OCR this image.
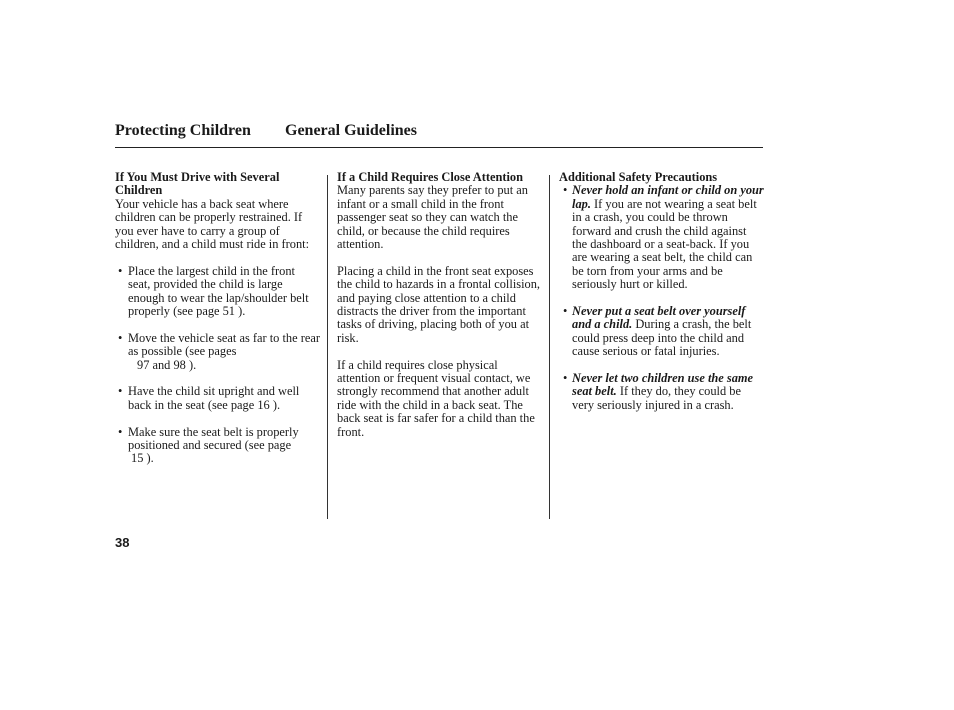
Protecting Children General Guidelines

If You Must Drive with Several Children

Your vehicle has a back seat where children can be properly restrained. If you ever have to carry a group of children, and a child must ride in front:

• Place the largest child in the front seat, provided the child is large enough to wear the lap/shoulder belt properly (see page 51 ).
• Move the vehicle seat as far to the rear as possible (see pages
97 and 98 ).
• Have the child sit upright and well back in the seat (see page 16 ).
• Make sure the seat belt is properly positioned and secured (see page
15 ).

If a Child Requires Close Attention

Many parents say they prefer to put an infant or a small child in the front passenger seat so they can watch the child, or because the child requires attention.

Placing a child in the front seat exposes the child to hazards in a frontal collision, and paying close attention to a child distracts the driver from the important tasks of driving, placing both of you at risk.

If a child requires close physical attention or frequent visual contact, we strongly recommend that another adult ride with the child in a back seat. The back seat is far safer for a child than the front.

Additional Safety Precautions

• Never hold an infant or child on your lap. If you are not wearing a seat belt in a crash, you could be thrown forward and crush the child against the dashboard or a seat-back. If you are wearing a seat belt, the child can be torn from your arms and be seriously hurt or killed.
• Never put a seat belt over yourself and a child. During a crash, the belt could press deep into the child and cause serious or fatal injuries.
• Never let two children use the same seat belt. If they do, they could be very seriously injured in a crash.
38
